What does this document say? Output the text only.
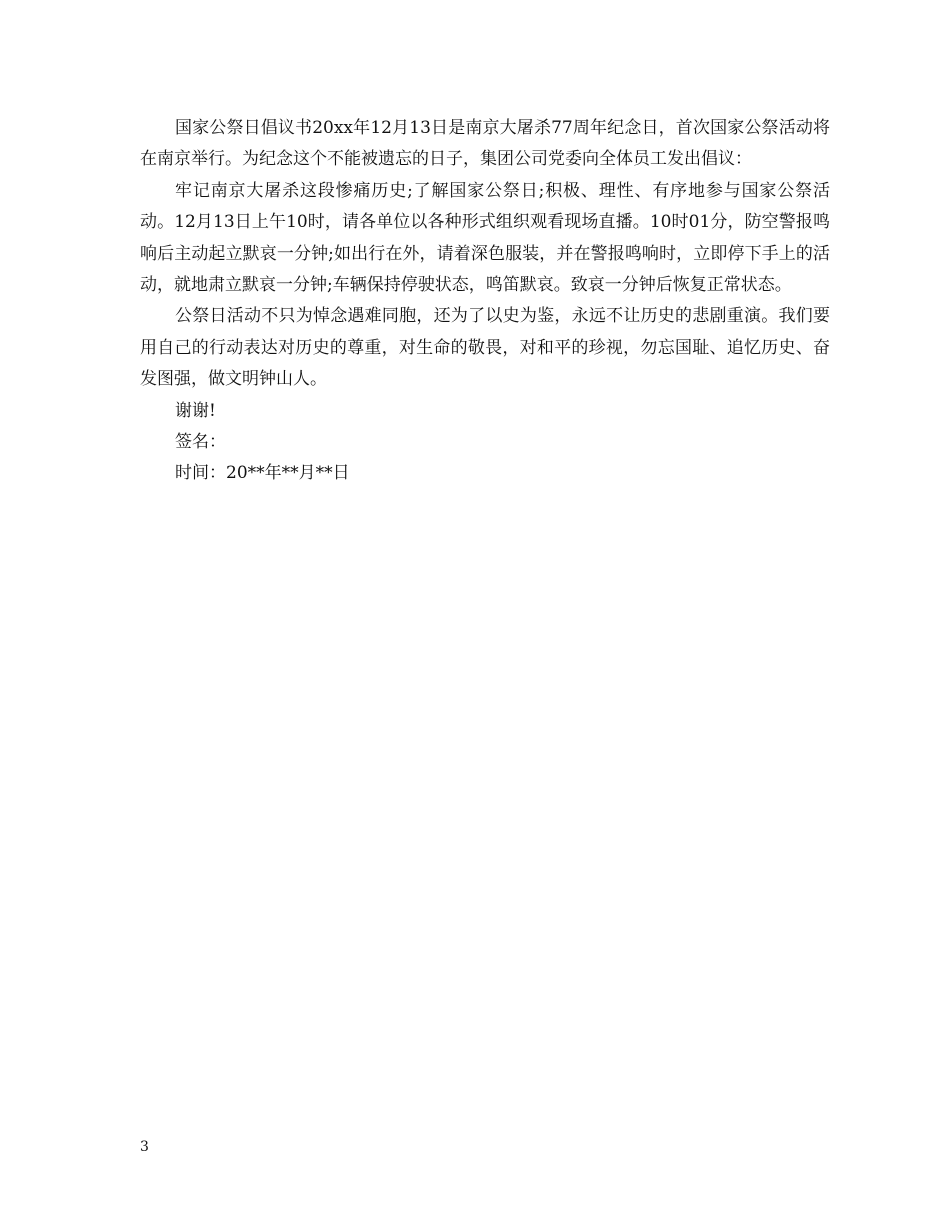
国家公祭日倡议书20xx年12月13日是南京大屠杀77周年纪念日，首次国家公祭活动将在南京举行。为纪念这个不能被遗忘的日子，集团公司党委向全体员工发出倡议：

牢记南京大屠杀这段惨痛历史;了解国家公祭日;积极、理性、有序地参与国家公祭活动。12月13日上午10时，请各单位以各种形式组织观看现场直播。10时01分，防空警报鸣响后主动起立默哀一分钟;如出行在外，请着深色服装，并在警报鸣响时，立即停下手上的活动，就地肃立默哀一分钟;车辆保持停驶状态，鸣笛默哀。致哀一分钟后恢复正常状态。

公祭日活动不只为悼念遇难同胞，还为了以史为鉴，永远不让历史的悲剧重演。我们要用自己的行动表达对历史的尊重，对生命的敬畏，对和平的珍视，勿忘国耻、追忆历史、奋发图强，做文明钟山人。

谢谢!

签名：

时间：20**年**月**日

3
